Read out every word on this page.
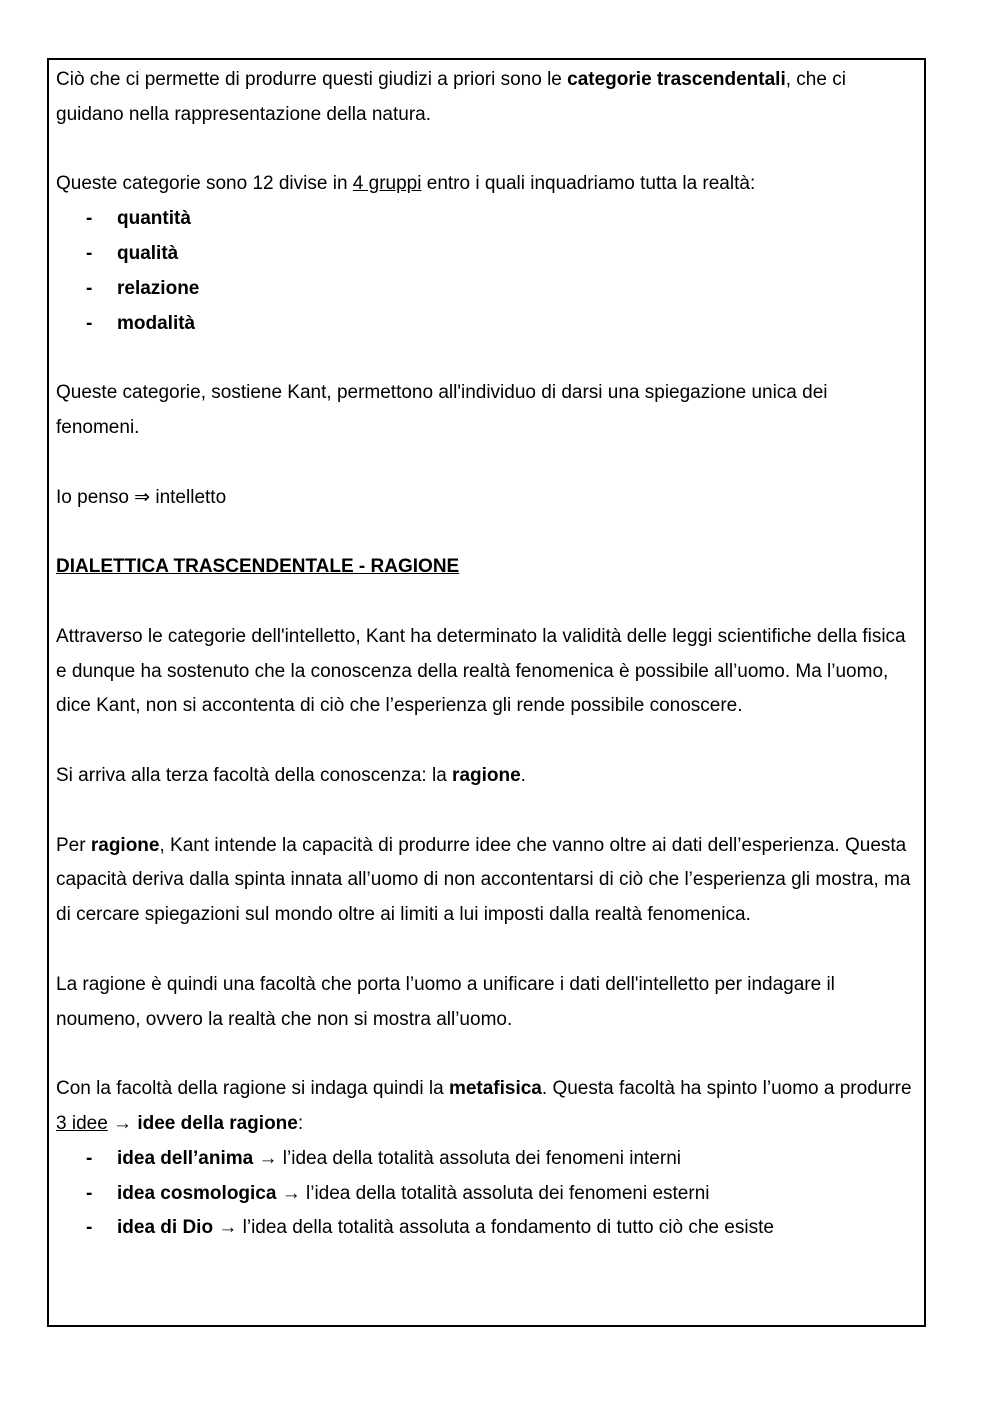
Ciò che ci permette di produrre questi giudizi a priori sono le categorie trascendentali, che ci guidano nella rappresentazione della natura.

Queste categorie sono 12 divise in 4 gruppi entro i quali inquadriamo tutta la realtà:

- quantità
- qualità
- relazione
- modalità

Queste categorie, sostiene Kant, permettono all'individuo di darsi una spiegazione unica dei fenomeni.

Io penso ⇒ intelletto

DIALETTICA TRASCENDENTALE - RAGIONE

Attraverso le categorie dell'intelletto, Kant ha determinato la validità delle leggi scientifiche della fisica e dunque ha sostenuto che la conoscenza della realtà fenomenica è possibile all’uomo. Ma l’uomo, dice Kant, non si accontenta di ciò che l’esperienza gli rende possibile conoscere.

Si arriva alla terza facoltà della conoscenza: la ragione.

Per ragione, Kant intende la capacità di produrre idee che vanno oltre ai dati dell’esperienza. Questa capacità deriva dalla spinta innata all’uomo di non accontentarsi di ciò che l’esperienza gli mostra, ma di cercare spiegazioni sul mondo oltre ai limiti a lui imposti dalla realtà fenomenica.

La ragione è quindi una facoltà che porta l’uomo a unificare i dati dell'intelletto per indagare il noumeno, ovvero la realtà che non si mostra all’uomo.

Con la facoltà della ragione si indaga quindi la metafisica. Questa facoltà ha spinto l’uomo a produrre 3 idee → idee della ragione:

- idea dell’anima → l’idea della totalità assoluta dei fenomeni interni
- idea cosmologica → l’idea della totalità assoluta dei fenomeni esterni
- idea di Dio → l’idea della totalità assoluta a fondamento di tutto ciò che esiste
